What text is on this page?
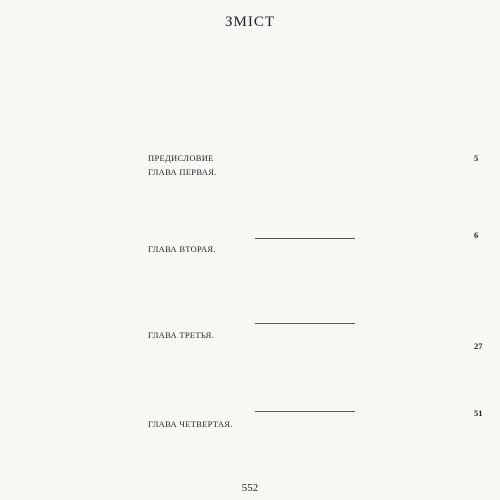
ЗМІСТ
ПРЕДИСЛОВИЕ	5
ГЛАВА ПЕРВАЯ.
6
ГЛАВА ВТОРАЯ.
27
ГЛАВА ТРЕТЬЯ.
51
ГЛАВА ЧЕТВЕРТАЯ.
552
